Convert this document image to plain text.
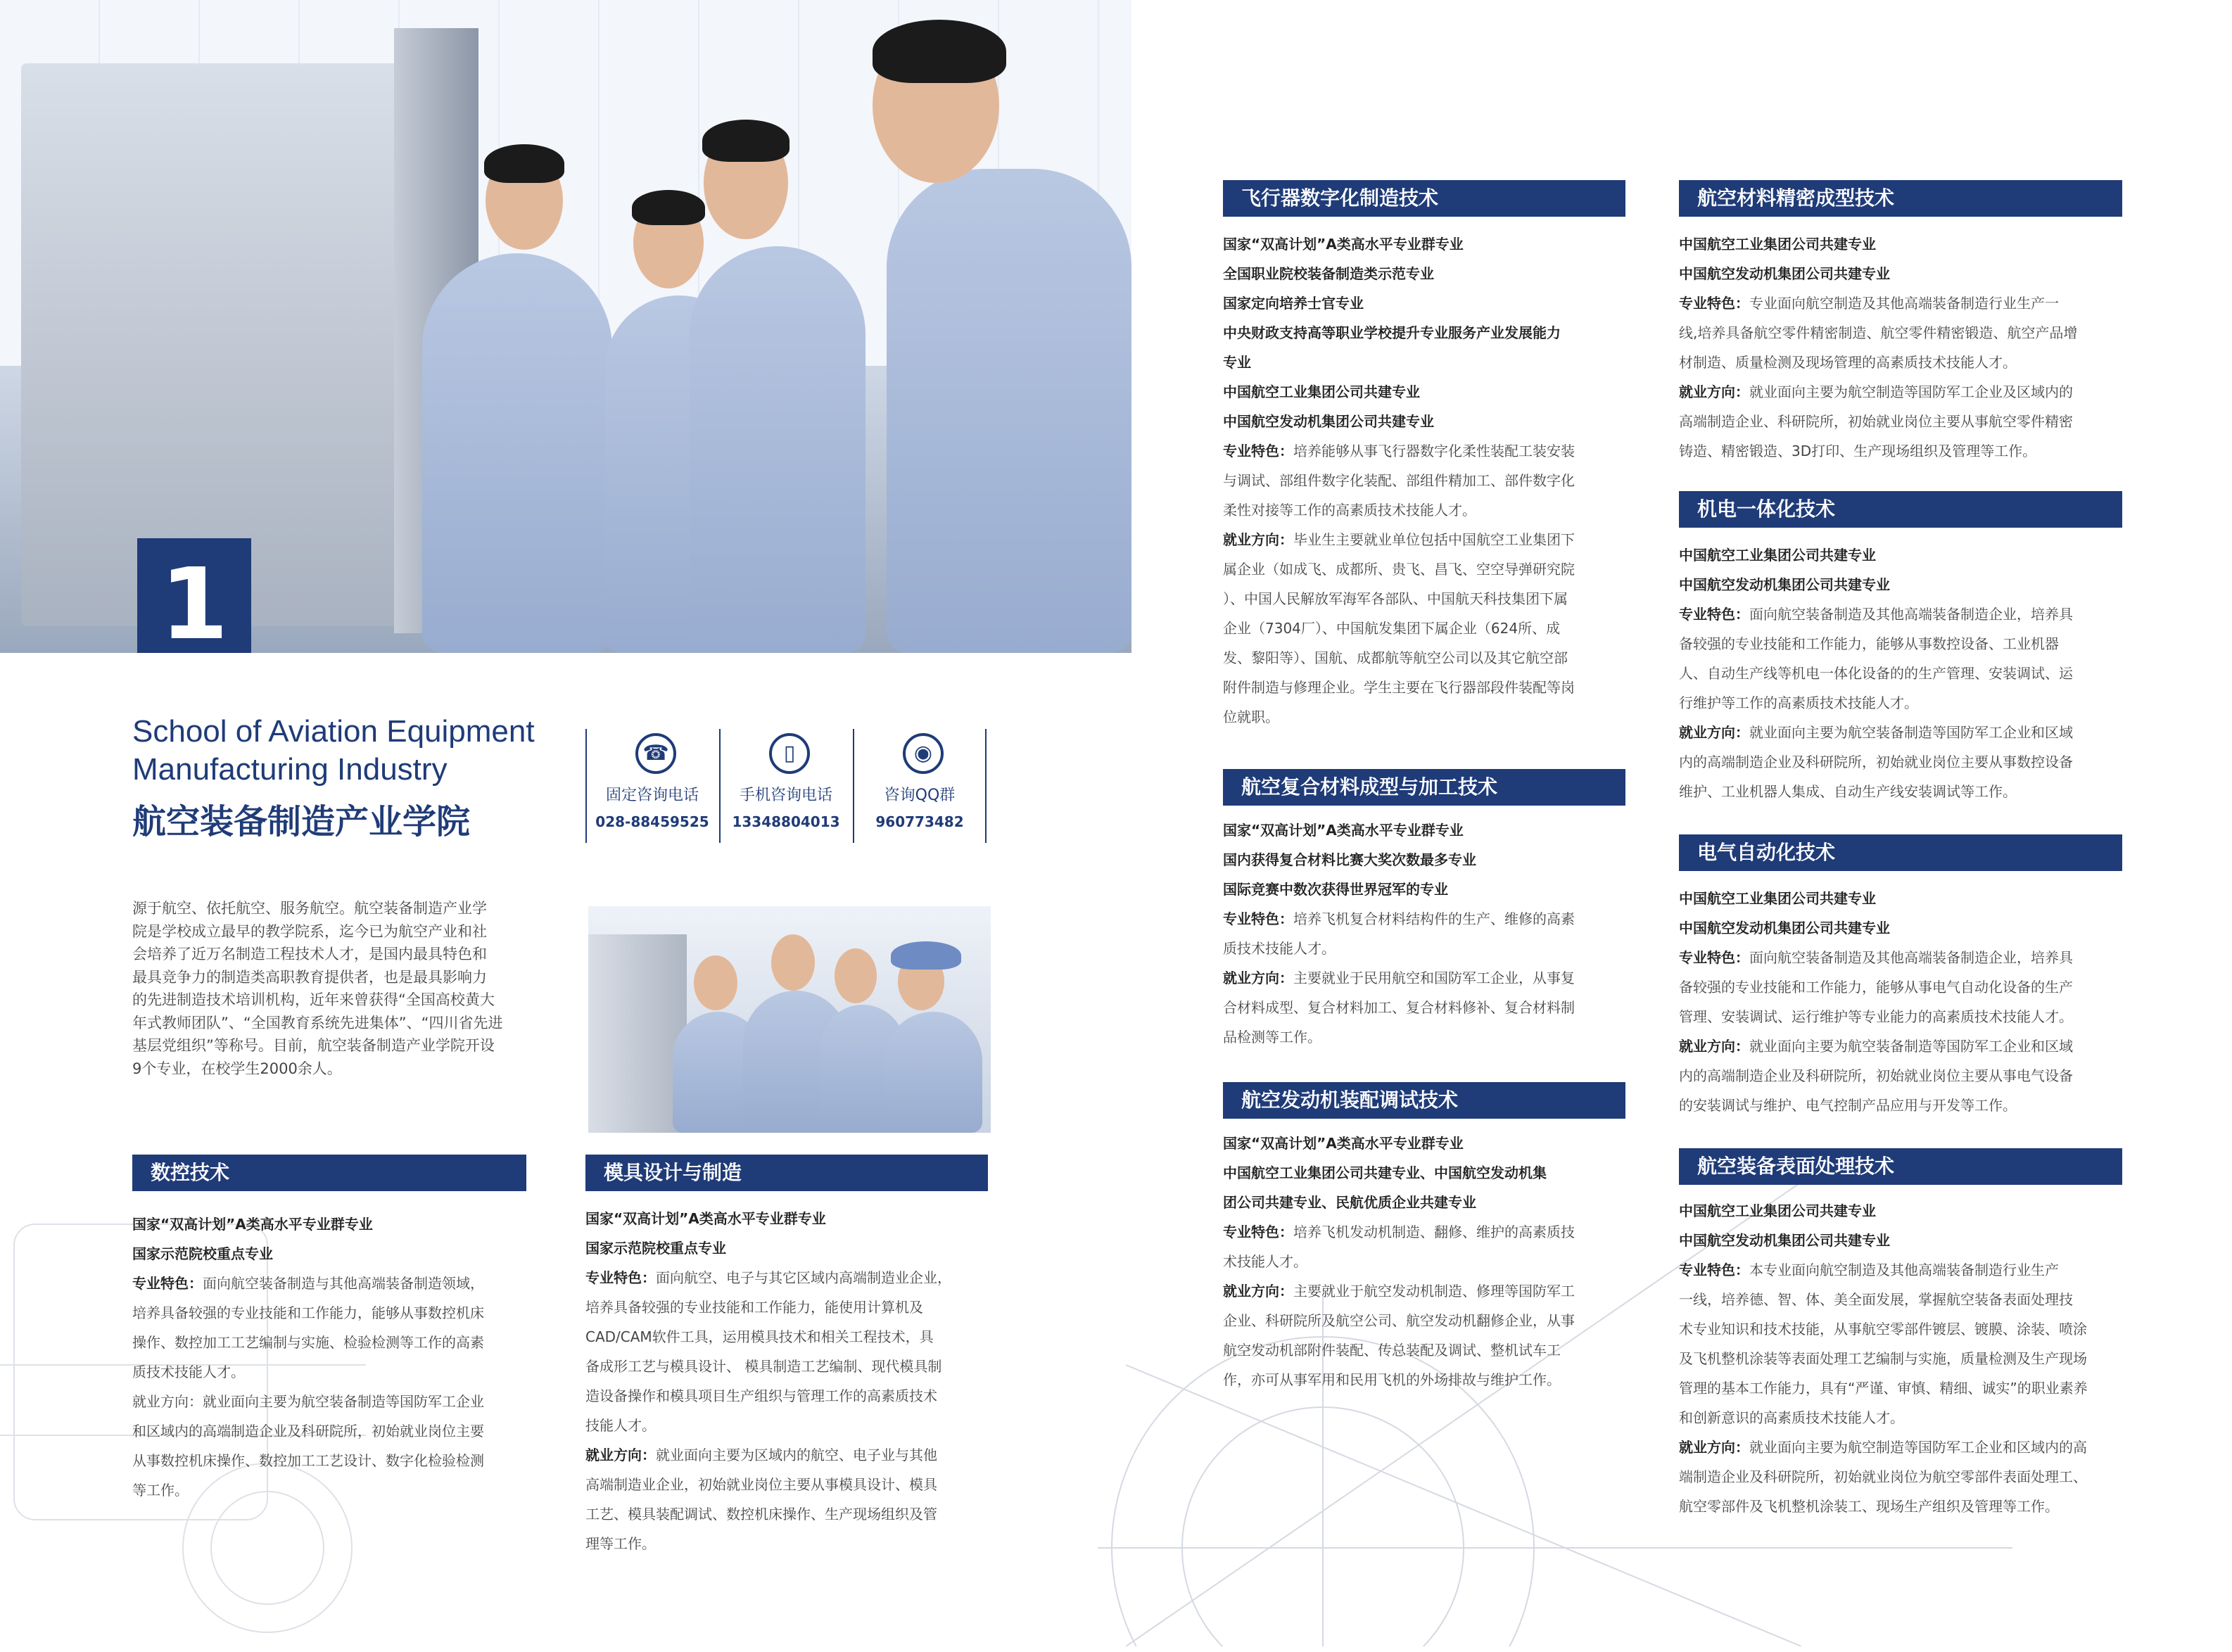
1
School of Aviation Equipment
Manufacturing Industry
航空装备制造产业学院
☎
固定咨询电话
028-88459525
▯
手机咨询电话
13348804013
◉
咨询QQ群
960773482
源于航空、依托航空、服务航空。航空装备制造产业学
院是学校成立最早的教学院系，迄今已为航空产业和社
会培养了近万名制造工程技术人才，是国内最具特色和
最具竞争力的制造类高职教育提供者，也是最具影响力
的先进制造技术培训机构，近年来曾获得“全国高校黄大
年式教师团队”、“全国教育系统先进集体”、“四川省先进
基层党组织”等称号。目前，航空装备制造产业学院开设
9个专业，在校学生2000余人。
数控技术
国家“双高计划”A类高水平专业群专业
国家示范院校重点专业
专业特色：面向航空装备制造与其他高端装备制造领域，
培养具备较强的专业技能和工作能力，能够从事数控机床
操作、数控加工工艺编制与实施、检验检测等工作的高素
质技术技能人才。
就业方向：就业面向主要为航空装备制造等国防军工企业
和区域内的高端制造企业及科研院所，初始就业岗位主要
从事数控机床操作、数控加工工艺设计、数字化检验检测
等工作。
模具设计与制造
国家“双高计划”A类高水平专业群专业
国家示范院校重点专业
专业特色：面向航空、电子与其它区域内高端制造业企业，
培养具备较强的专业技能和工作能力，能使用计算机及
CAD/CAM软件工具，运用模具技术和相关工程技术，具
备成形工艺与模具设计、 模具制造工艺编制、现代模具制
造设备操作和模具项目生产组织与管理工作的高素质技术
技能人才。
就业方向：就业面向主要为区域内的航空、电子业与其他
高端制造业企业，初始就业岗位主要从事模具设计、模具
工艺、模具装配调试、数控机床操作、生产现场组织及管
理等工作。
飞行器数字化制造技术
国家“双高计划”A类高水平专业群专业
全国职业院校装备制造类示范专业
国家定向培养士官专业
中央财政支持高等职业学校提升专业服务产业发展能力
专业
中国航空工业集团公司共建专业
中国航空发动机集团公司共建专业
专业特色：培养能够从事飞行器数字化柔性装配工装安装
与调试、部组件数字化装配、部组件精加工、部件数字化
柔性对接等工作的高素质技术技能人才。
就业方向：毕业生主要就业单位包括中国航空工业集团下
属企业（如成飞、成都所、贵飞、昌飞、空空导弹研究院
）、中国人民解放军海军各部队、中国航天科技集团下属
企业（7304厂）、中国航发集团下属企业（624所、成
发、黎阳等）、国航、成都航等航空公司以及其它航空部
附件制造与修理企业。学生主要在飞行器部段件装配等岗
位就职。
航空复合材料成型与加工技术
国家“双高计划”A类高水平专业群专业
国内获得复合材料比赛大奖次数最多专业
国际竞赛中数次获得世界冠军的专业
专业特色：培养飞机复合材料结构件的生产、维修的高素
质技术技能人才。
就业方向：主要就业于民用航空和国防军工企业，从事复
合材料成型、复合材料加工、复合材料修补、复合材料制
品检测等工作。
航空发动机装配调试技术
国家“双高计划”A类高水平专业群专业
中国航空工业集团公司共建专业、中国航空发动机集
团公司共建专业、民航优质企业共建专业
专业特色：培养飞机发动机制造、翻修、维护的高素质技
术技能人才。
就业方向：主要就业于航空发动机制造、修理等国防军工
企业、科研院所及航空公司、航空发动机翻修企业，从事
航空发动机部附件装配、传总装配及调试、整机试车工
作，亦可从事军用和民用飞机的外场排故与维护工作。
航空材料精密成型技术
中国航空工业集团公司共建专业
中国航空发动机集团公司共建专业
专业特色：专业面向航空制造及其他高端装备制造行业生产一
线,培养具备航空零件精密制造、航空零件精密锻造、航空产品增
材制造、质量检测及现场管理的高素质技术技能人才。
就业方向：就业面向主要为航空制造等国防军工企业及区域内的
高端制造企业、科研院所，初始就业岗位主要从事航空零件精密
铸造、精密锻造、3D打印、生产现场组织及管理等工作。
机电一体化技术
中国航空工业集团公司共建专业
中国航空发动机集团公司共建专业
专业特色：面向航空装备制造及其他高端装备制造企业，培养具
备较强的专业技能和工作能力，能够从事数控设备、工业机器
人、自动生产线等机电一体化设备的的生产管理、安装调试、运
行维护等工作的高素质技术技能人才。
就业方向：就业面向主要为航空装备制造等国防军工企业和区域
内的高端制造企业及科研院所，初始就业岗位主要从事数控设备
维护、工业机器人集成、自动生产线安装调试等工作。
电气自动化技术
中国航空工业集团公司共建专业
中国航空发动机集团公司共建专业
专业特色：面向航空装备制造及其他高端装备制造企业，培养具
备较强的专业技能和工作能力，能够从事电气自动化设备的生产
管理、安装调试、运行维护等专业能力的高素质技术技能人才。
就业方向：就业面向主要为航空装备制造等国防军工企业和区域
内的高端制造企业及科研院所，初始就业岗位主要从事电气设备
的安装调试与维护、电气控制产品应用与开发等工作。
航空装备表面处理技术
中国航空工业集团公司共建专业
中国航空发动机集团公司共建专业
专业特色：本专业面向航空制造及其他高端装备制造行业生产
一线，培养德、智、体、美全面发展，掌握航空装备表面处理技
术专业知识和技术技能，从事航空零部件镀层、镀膜、涂装、喷涂
及飞机整机涂装等表面处理工艺编制与实施，质量检测及生产现场
管理的基本工作能力，具有“严谨、审慎、精细、诚实”的职业素养
和创新意识的高素质技术技能人才。
就业方向：就业面向主要为航空制造等国防军工企业和区域内的高
端制造企业及科研院所，初始就业岗位为航空零部件表面处理工、
航空零部件及飞机整机涂装工、现场生产组织及管理等工作。
